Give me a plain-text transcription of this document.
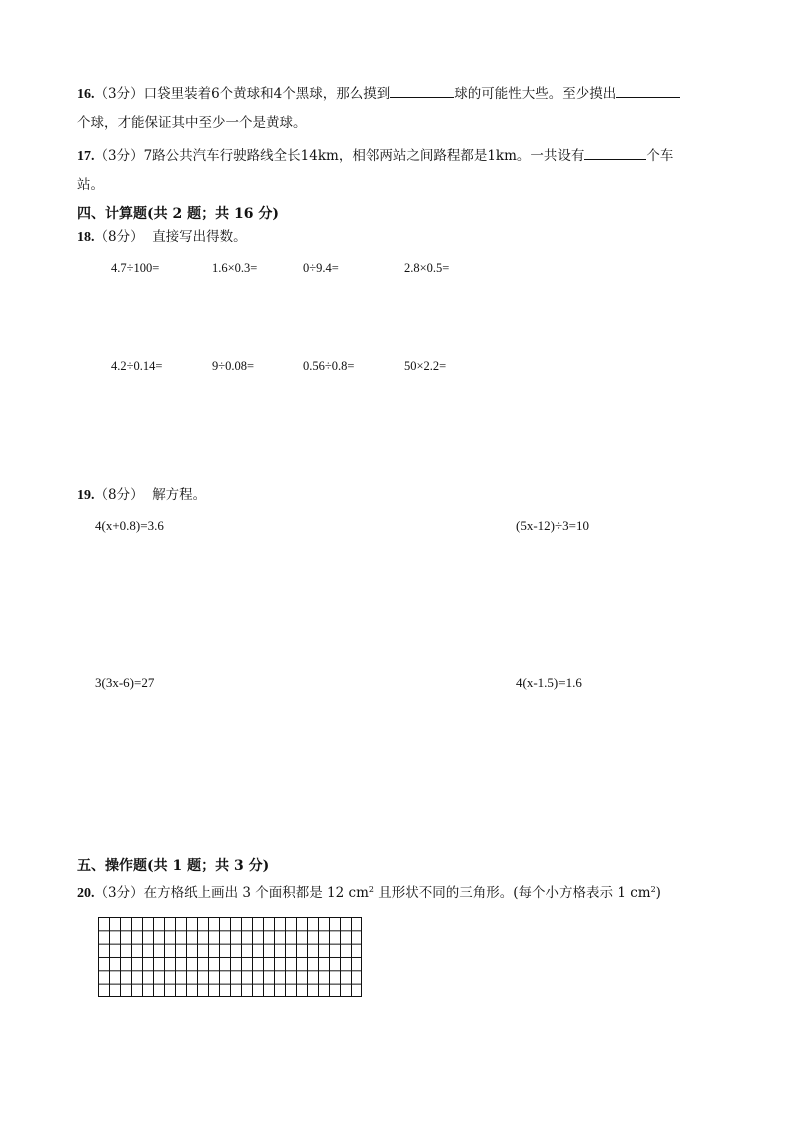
16.（3分）口袋里装着6个黄球和4个黑球，那么摸到	球的可能性大些。至少摸出
个球，才能保证其中至少一个是黄球。
17.（3分）7路公共汽车行驶路线全长14km，相邻两站之间路程都是1km。一共设有	个车
站。
四、计算题(共 2 题；共 16 分)
18.（8分） 直接写出得数。
4.7÷100=	1.6×0.3=	0÷9.4=	2.8×0.5=
4.2÷0.14=	9÷0.08=	0.56÷0.8=	50×2.2=
19.（8分） 解方程。
4(x+0.8)=3.6	(5x-12)÷3=10
3(3x-6)=27	4(x-1.5)=1.6
五、操作题(共 1 题；共 3 分)
20.（3分）在方格纸上画出 3 个面积都是 12 $cm^2$ 且形状不同的三角形。(每个小方格表示 1 $cm^2$)
